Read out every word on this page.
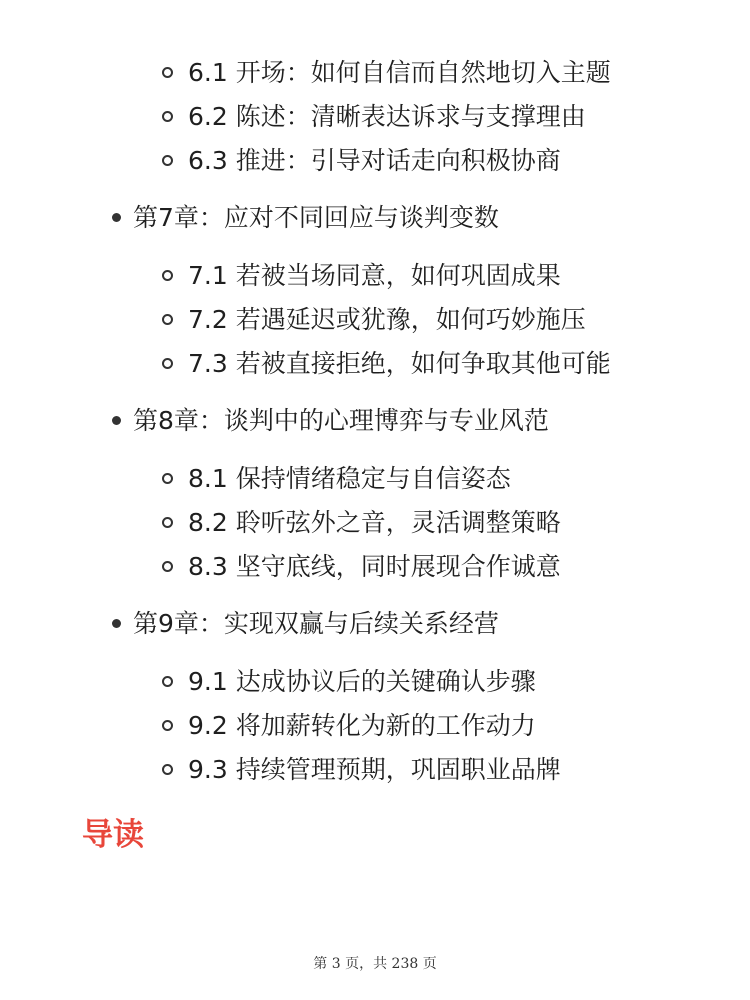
6.1 开场：如何自信而自然地切入主题
6.2 陈述：清晰表达诉求与支撑理由
6.3 推进：引导对话走向积极协商
第7章：应对不同回应与谈判变数
7.1 若被当场同意，如何巩固成果
7.2 若遇延迟或犹豫，如何巧妙施压
7.3 若被直接拒绝，如何争取其他可能
第8章：谈判中的心理博弈与专业风范
8.1 保持情绪稳定与自信姿态
8.2 聆听弦外之音，灵活调整策略
8.3 坚守底线，同时展现合作诚意
第9章：实现双赢与后续关系经营
9.1 达成协议后的关键确认步骤
9.2 将加薪转化为新的工作动力
9.3 持续管理预期，巩固职业品牌
导读
第 3 页，共 238 页
